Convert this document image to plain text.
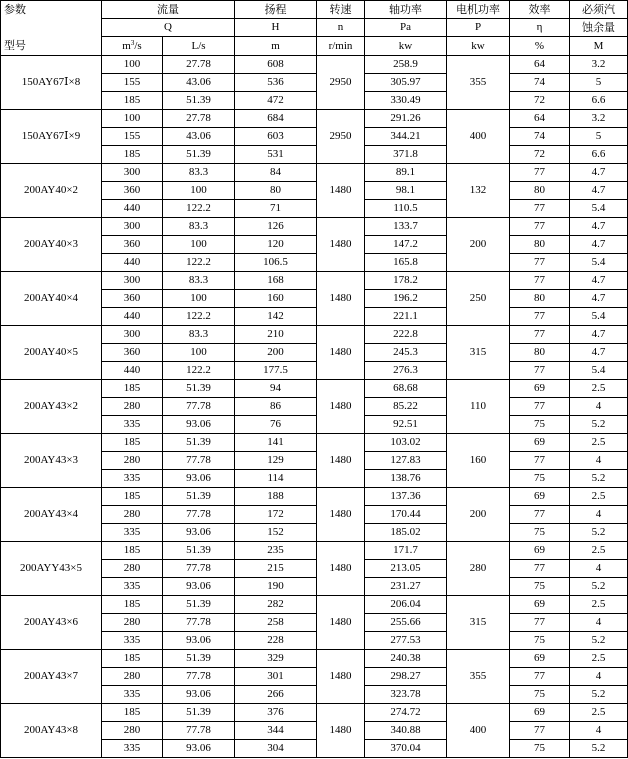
参数	流量		扬程	转速	轴功率	电机功率	效率	必须汽
	Q		H	n	Pa	P	η	蚀余量
型号	$m^3/s$	L/s	m	r/min	kw	kw	%	M
150AY67Ⅰ×8	100	27.78	608	2950	258.9	355	64	3.2
	155	43.06	536		305.97		74	5
	185	51.39	472		330.49		72	6.6
150AY67Ⅰ×9	100	27.78	684	2950	291.26	400	64	3.2
	155	43.06	603		344.21		74	5
	185	51.39	531		371.8		72	6.6
200AY40×2	300	83.3	84	1480	89.1	132	77	4.7
	360	100	80		98.1		80	4.7
	440	122.2	71		110.5		77	5.4
200AY40×3	300	83.3	126	1480	133.7	200	77	4.7
	360	100	120		147.2		80	4.7
	440	122.2	106.5		165.8		77	5.4
200AY40×4	300	83.3	168	1480	178.2	250	77	4.7
	360	100	160		196.2		80	4.7
	440	122.2	142		221.1		77	5.4
200AY40×5	300	83.3	210	1480	222.8	315	77	4.7
	360	100	200		245.3		80	4.7
	440	122.2	177.5		276.3		77	5.4
200AY43×2	185	51.39	94	1480	68.68	110	69	2.5
	280	77.78	86		85.22		77	4
	335	93.06	76		92.51		75	5.2
200AY43×3	185	51.39	141	1480	103.02	160	69	2.5
	280	77.78	129		127.83		77	4
	335	93.06	114		138.76		75	5.2
200AY43×4	185	51.39	188	1480	137.36	200	69	2.5
	280	77.78	172		170.44		77	4
	335	93.06	152		185.02		75	5.2
200AYY43×5	185	51.39	235	1480	171.7	280	69	2.5
	280	77.78	215		213.05		77	4
	335	93.06	190		231.27		75	5.2
200AY43×6	185	51.39	282	1480	206.04	315	69	2.5
	280	77.78	258		255.66		77	4
	335	93.06	228		277.53		75	5.2
200AY43×7	185	51.39	329	1480	240.38	355	69	2.5
	280	77.78	301		298.27		77	4
	335	93.06	266		323.78		75	5.2
200AY43×8	185	51.39	376	1480	274.72	400	69	2.5
	280	77.78	344		340.88		77	4
	335	93.06	304		370.04		75	5.2
